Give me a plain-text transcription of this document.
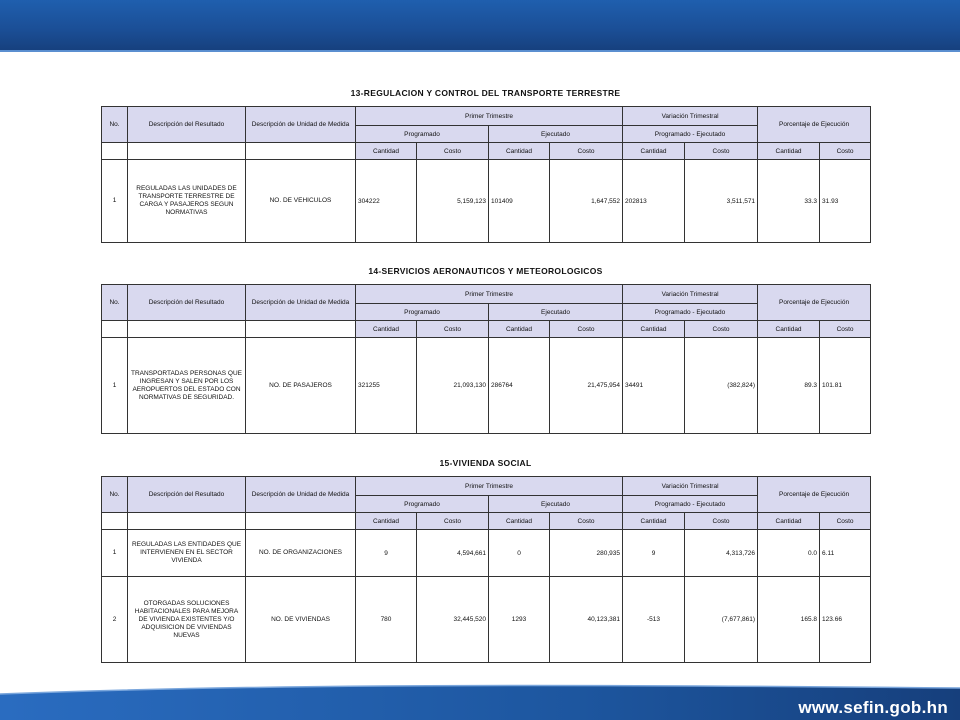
13-REGULACION Y CONTROL DEL TRANSPORTE TERRESTRE
No.	Descripción del Resultado	Descripción de Unidad de Medida	Primer Trimestre				Variación Trimestral		Porcentaje de Ejecución	
			Programado		Ejecutado		Programado - Ejecutado			
			Cantidad	Costo	Cantidad	Costo	Cantidad	Costo	Cantidad	Costo
1	REGULADAS LAS UNIDADES DE TRANSPORTE TERRESTRE DE CARGA Y PASAJEROS SEGUN NORMATIVAS	NO. DE VEHICULOS	304222	5,159,123	101409	1,647,552	202813	3,511,571	33.3	31.93
14-SERVICIOS AERONAUTICOS Y METEOROLOGICOS
No.	Descripción del Resultado	Descripción de Unidad de Medida	Primer Trimestre				Variación Trimestral		Porcentaje de Ejecución	
			Programado		Ejecutado		Programado - Ejecutado			
			Cantidad	Costo	Cantidad	Costo	Cantidad	Costo	Cantidad	Costo
1	TRANSPORTADAS PERSONAS QUE INGRESAN Y SALEN POR LOS AEROPUERTOS DEL ESTADO CON NORMATIVAS DE SEGURIDAD.	NO. DE PASAJEROS	321255	21,093,130	286764	21,475,954	34491	(382,824)	89.3	101.81
15-VIVIENDA SOCIAL
No.	Descripción del Resultado	Descripción de Unidad de Medida	Primer Trimestre				Variación Trimestral		Porcentaje de Ejecución	
			Programado		Ejecutado		Programado - Ejecutado			
			Cantidad	Costo	Cantidad	Costo	Cantidad	Costo	Cantidad	Costo
1	REGULADAS LAS ENTIDADES QUE INTERVIENEN EN EL SECTOR VIVIENDA	NO. DE ORGANIZACIONES	9	4,594,661	0	280,935	9	4,313,726	0.0	6.11
2	OTORGADAS SOLUCIONES HABITACIONALES PARA MEJORA DE VIVIENDA EXISTENTES Y/O ADQUISICION DE VIVIENDAS NUEVAS	NO. DE VIVIENDAS	780	32,445,520	1293	40,123,381	-513	(7,677,861)	165.8	123.66
www.sefin.gob.hn
